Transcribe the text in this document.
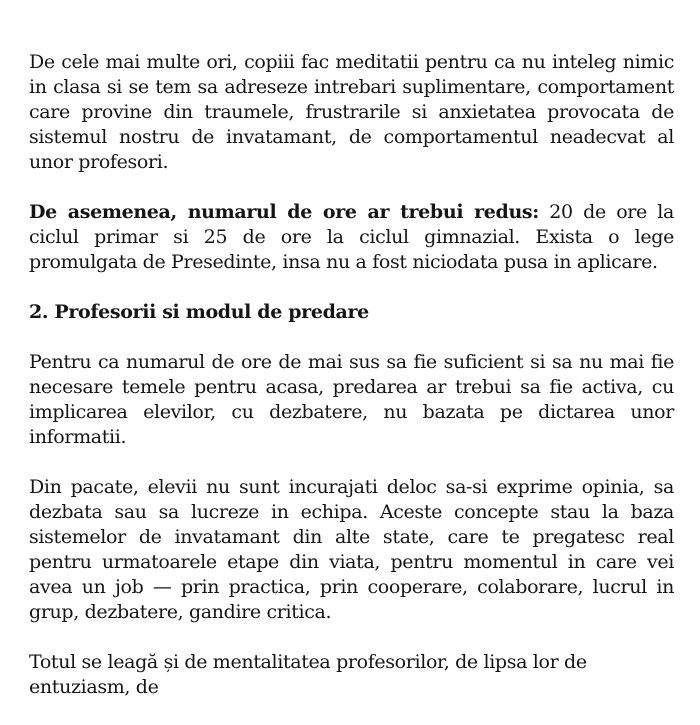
De cele mai multe ori, copiii fac meditatii pentru ca nu inteleg nimic in clasa si se tem sa adreseze intrebari suplimentare, comportament care provine din traumele, frustrarile si anxietatea provocata de sistemul nostru de invatamant, de comportamentul neadecvat al unor profesori.

De asemenea, numarul de ore ar trebui redus: 20 de ore la ciclul primar si 25 de ore la ciclul gimnazial. Exista o lege promulgata de Presedinte, insa nu a fost niciodata pusa in aplicare.

2. Profesorii si modul de predare

Pentru ca numarul de ore de mai sus sa fie suficient si sa nu mai fie necesare temele pentru acasa, predarea ar trebui sa fie activa, cu implicarea elevilor, cu dezbatere, nu bazata pe dictarea unor informatii.

Din pacate, elevii nu sunt incurajati deloc sa-si exprime opinia, sa dezbata sau sa lucreze in echipa. Aceste concepte stau la baza sistemelor de invatamant din alte state, care te pregatesc real pentru urmatoarele etape din viata, pentru momentul in care vei avea un job — prin practica, prin cooperare, colaborare, lucrul in grup, dezbatere, gandire critica.

Totul se leagă și de mentalitatea profesorilor, de lipsa lor de entuziasm, de
